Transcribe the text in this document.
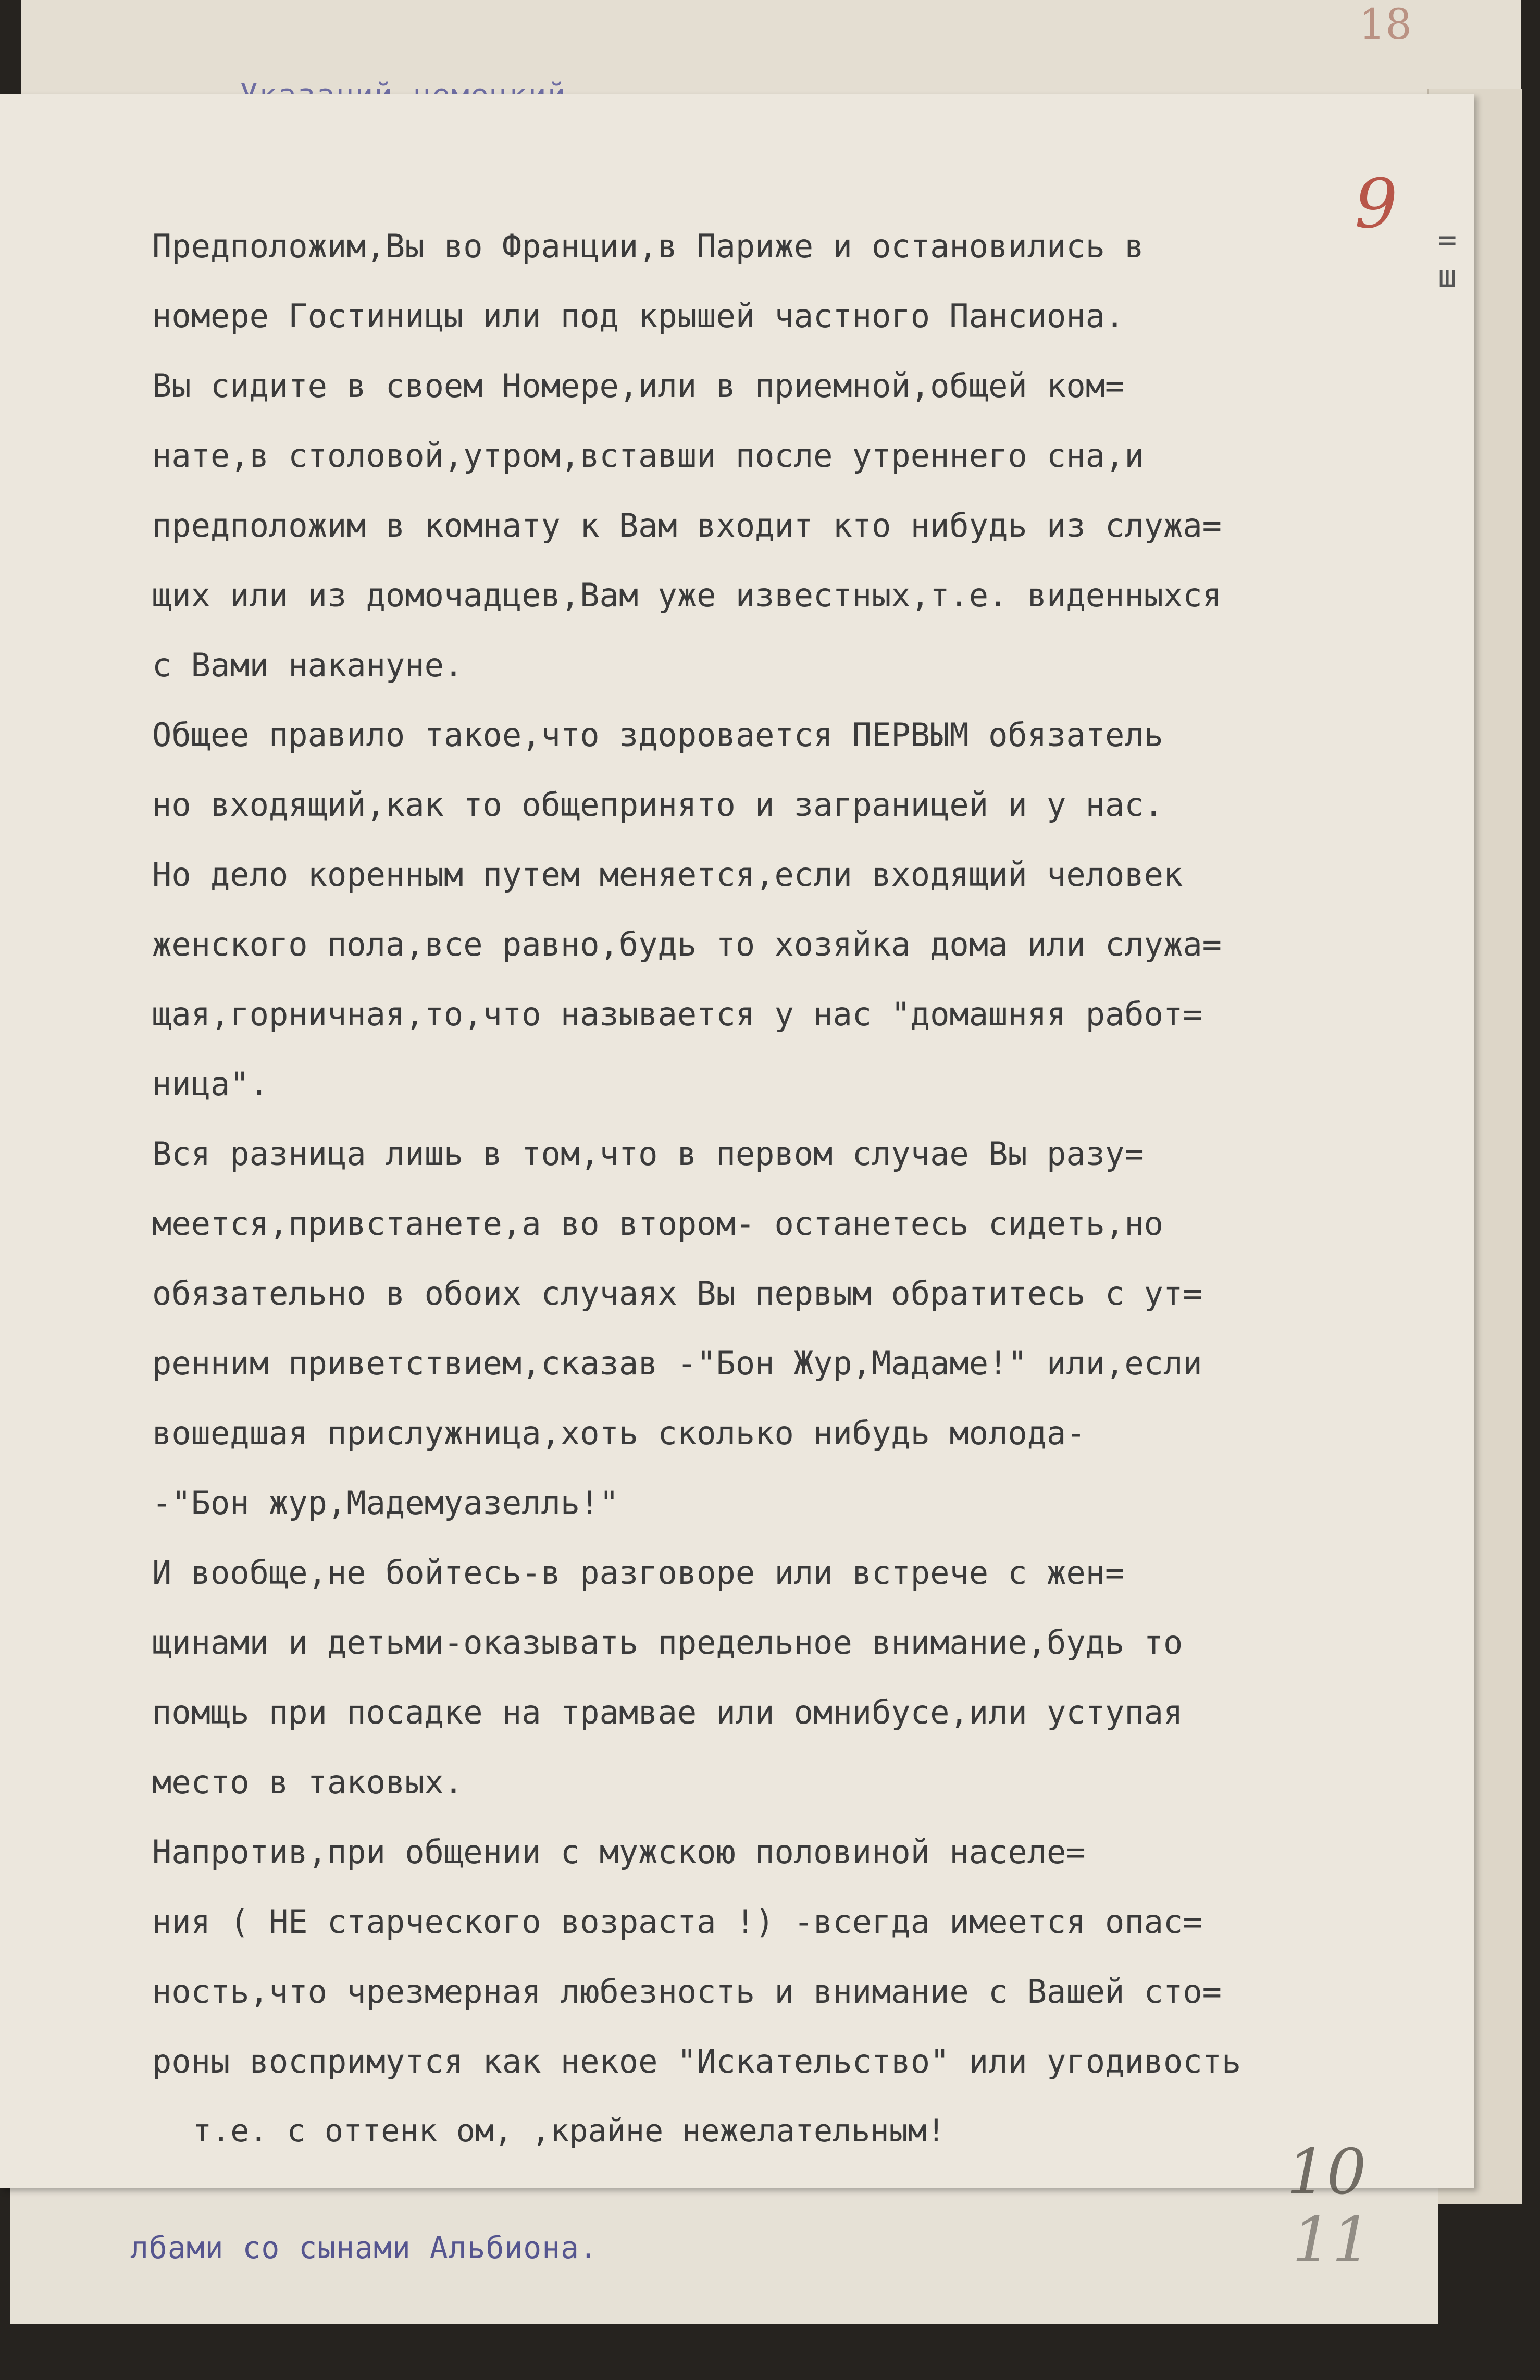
18
лбами со сынами Альбиона.	11
9 = ш
Предположим,Вы во Франции,в Париже и остановились в
номере Гостиницы или под крышей частного Пансиона.
Вы сидите в своем Номере,или в приемной,общей ком=
нате,в столовой,утром,вставши после утреннего сна,и
предположим в комнату к Вам входит кто нибудь из служа=
щих или из домочадцев,Вам уже известных,т.е. виденныхся
с Вами накануне.
Общее правило такое,что здоровается ПЕРВЫМ обязатель
но входящий,как то общепринято и заграницей и у нас.
Но дело коренным путем меняется,если входящий человек
женского пола,все равно,будь то хозяйка дома или служа=
щая,горничная,то,что называется у нас "домашняя работ=
ница".
Вся разница лишь в том,что в первом случае Вы разу=
меется,привстанете,а во втором- останетесь сидеть,но
обязательно в обоих случаях Вы первым обратитесь с ут=
ренним приветствием,сказав -"Бон Жур,Мадаме!" или,если
вошедшая прислужница,хоть сколько нибудь молода-
-"Бон жур,Мадемуазелль!"
И вообще,не бойтесь-в разговоре или встрече с жен=
щинами и детьми-оказывать предельное внимание,будь то
помщь при посадке на трамвае или омнибусе,или уступая
место в таковых.
Напротив,при общении с мужскою половиной населе=
ния ( НЕ старческого возраста !) -всегда имеется опас=
ность,что чрезмерная любезность и внимание с Вашей сто=
роны воспримутся как некое "Искательство" или угодивость
10
т.е. с оттенк ом, ,крайне нежелательным!
